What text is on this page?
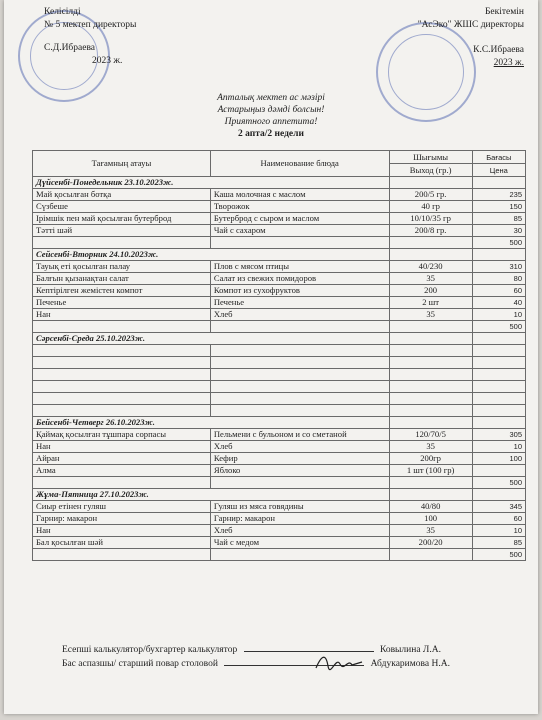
Келісілді
№ 5 мектеп директоры
С.Д.Ибраева
2023 ж.
Бекітемін
"АсЭко" ЖШС директоры
К.С.Ибраева
2023 ж.
Апталық мектеп ас мәзірі
Астарыңыз дәмді болсын!
Приятного аппетита!
2 апта/2 недели
Тағамның атауы	Наименование блюда	Шығымы	Бағасы
		Выход (гр.)	Цена
Дүйсенбі-Понедельник 23.10.2023ж.			
Май қосылған ботқа	Каша молочная с маслом	200/5 гр.	235
Сүзбеше	Творожок	40 гр	150
Ірімшік пен май қосылған бутерброд	Бутерброд с сыром и маслом	10/10/35 гр	85
Тәтті шәй	Чай с сахаром	200/8 гр.	30
			500
Сейсенбі-Вторник 24.10.2023ж.			
Тауық еті қосылған палау	Плов с мясом птицы	40/230	310
Балғын қызанақтан салат	Салат из свежих помидоров	35	80
Кептірілген жемістен компот	Компот из сухофруктов	200	60
Печенье	Печенье	2 шт	40
Нан	Хлеб	35	10
			500
Сәрсенбі-Среда 25.10.2023ж.			

Бейсенбі-Четверг 26.10.2023ж.			
Қаймақ қосылған тұшпара сорпасы	Пельмени с бульоном и со сметаной	120/70/5	305
Нан	Хлеб	35	10
Айран	Кефир	200гр	100
Алма	Яблоко	1 шт (100 гр)	
			500
Жұма-Пятница 27.10.2023ж.			
Сиыр етінен гуляш	Гуляш из мяса говядины	40/80	345
Гарнир: макарон	Гарнир: макарон	100	60
Нан	Хлеб	35	10
Бал қосылған шәй	Чай с медом	200/20	85
			500
Есепші калькулятор/бухгартер калькулятор	Ковылина Л.А.
Бас аспазшы/ старший повар столовой	Абдукаримова Н.А.
